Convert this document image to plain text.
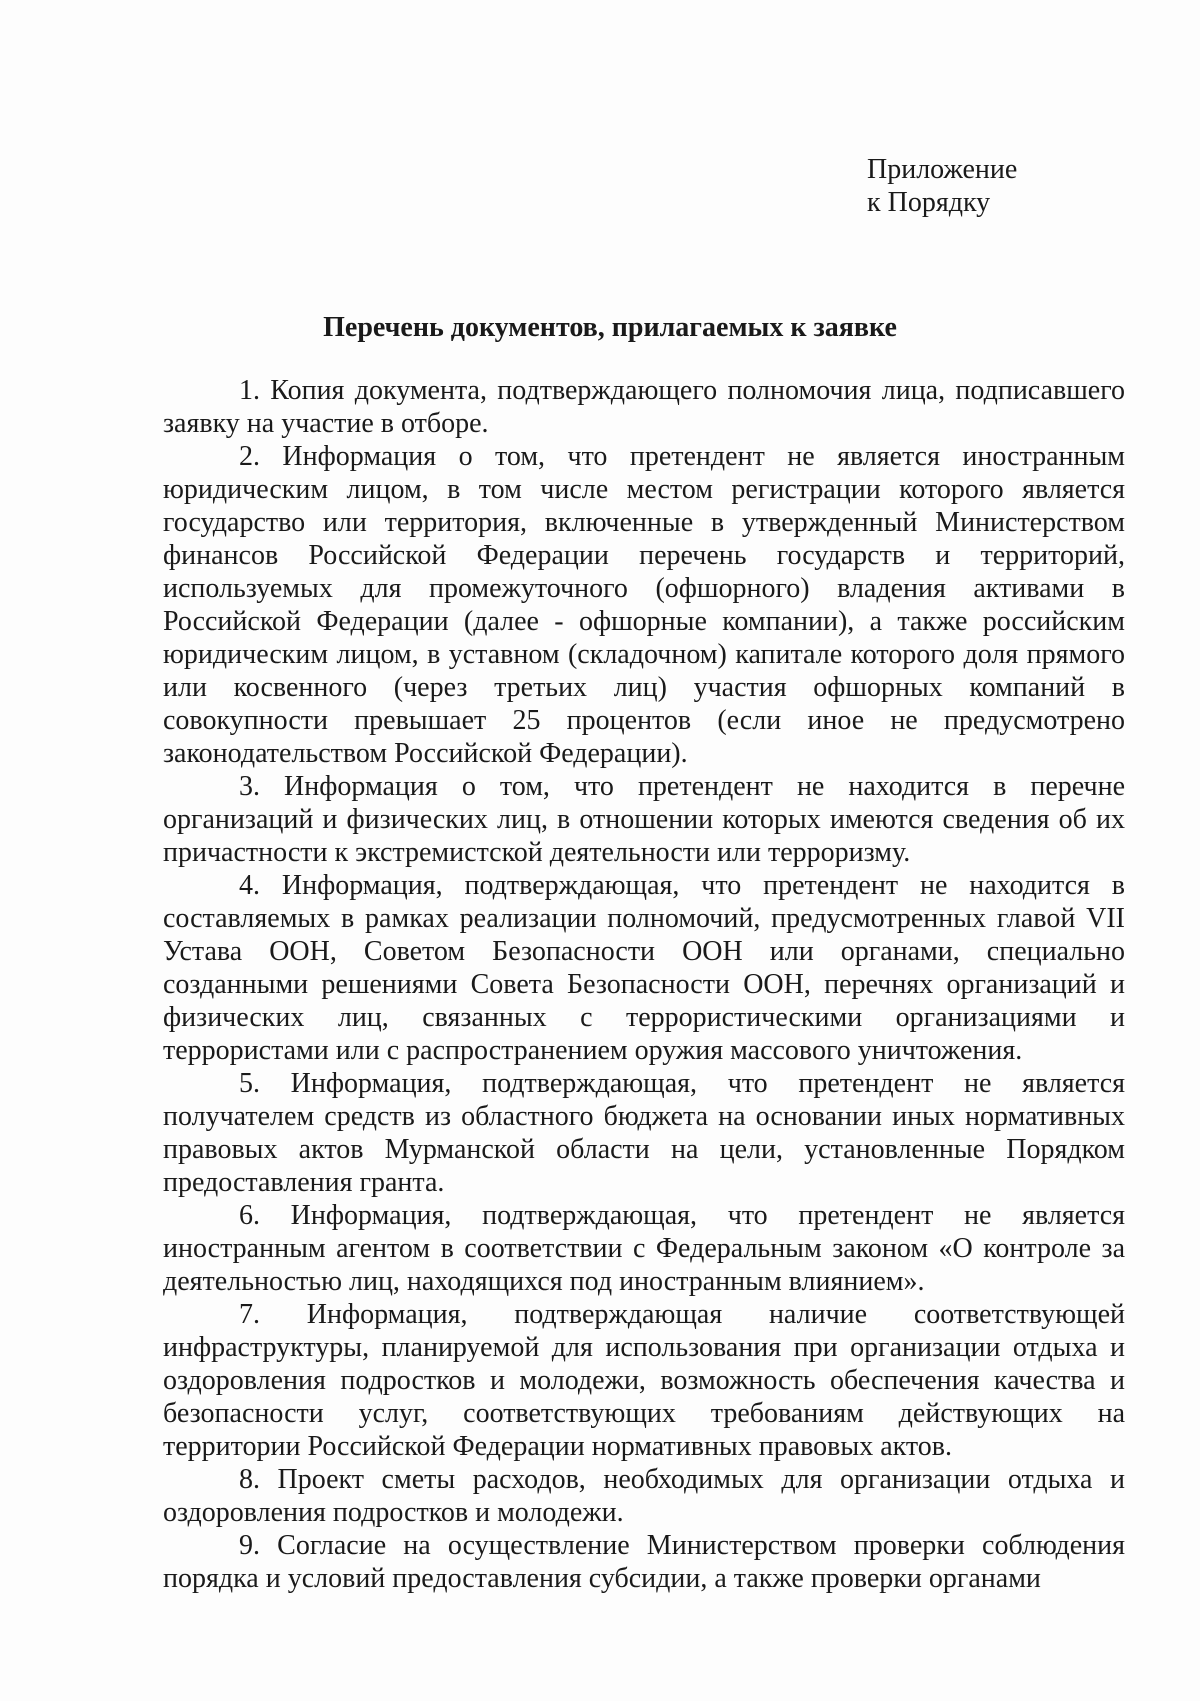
Приложение
к Порядку
Перечень документов, прилагаемых к заявке

1. Копия документа, подтверждающего полномочия лица, подписавшего заявку на участие в отборе.

2. Информация о том, что претендент не является иностранным юридическим лицом, в том числе местом регистрации которого является государство или территория, включенные в утвержденный Министерством финансов Российской Федерации перечень государств и территорий, используемых для промежуточного (офшорного) владения активами в Российской Федерации (далее - офшорные компании), а также российским юридическим лицом, в уставном (складочном) капитале которого доля прямого или косвенного (через третьих лиц) участия офшорных компаний в совокупности превышает 25 процентов (если иное не предусмотрено законодательством Российской Федерации).

3. Информация о том, что претендент не находится в перечне организаций и физических лиц, в отношении которых имеются сведения об их причастности к экстремистской деятельности или терроризму.

4. Информация, подтверждающая, что претендент не находится в составляемых в рамках реализации полномочий, предусмотренных главой VII Устава ООН, Советом Безопасности ООН или органами, специально созданными решениями Совета Безопасности ООН, перечнях организаций и физических лиц, связанных с террористическими организациями и террористами или с распространением оружия массового уничтожения.

5. Информация, подтверждающая, что претендент не является получателем средств из областного бюджета на основании иных нормативных правовых актов Мурманской области на цели, установленные Порядком предоставления гранта.

6. Информация, подтверждающая, что претендент не является иностранным агентом в соответствии с Федеральным законом «О контроле за деятельностью лиц, находящихся под иностранным влиянием».

7. Информация, подтверждающая наличие соответствующей инфраструктуры, планируемой для использования при организации отдыха и оздоровления подростков и молодежи, возможность обеспечения качества и безопасности услуг, соответствующих требованиям действующих на территории Российской Федерации нормативных правовых актов.

8. Проект сметы расходов, необходимых для организации отдыха и оздоровления подростков и молодежи.

9. Согласие на осуществление Министерством проверки соблюдения порядка и условий предоставления субсидии, а также проверки органами
